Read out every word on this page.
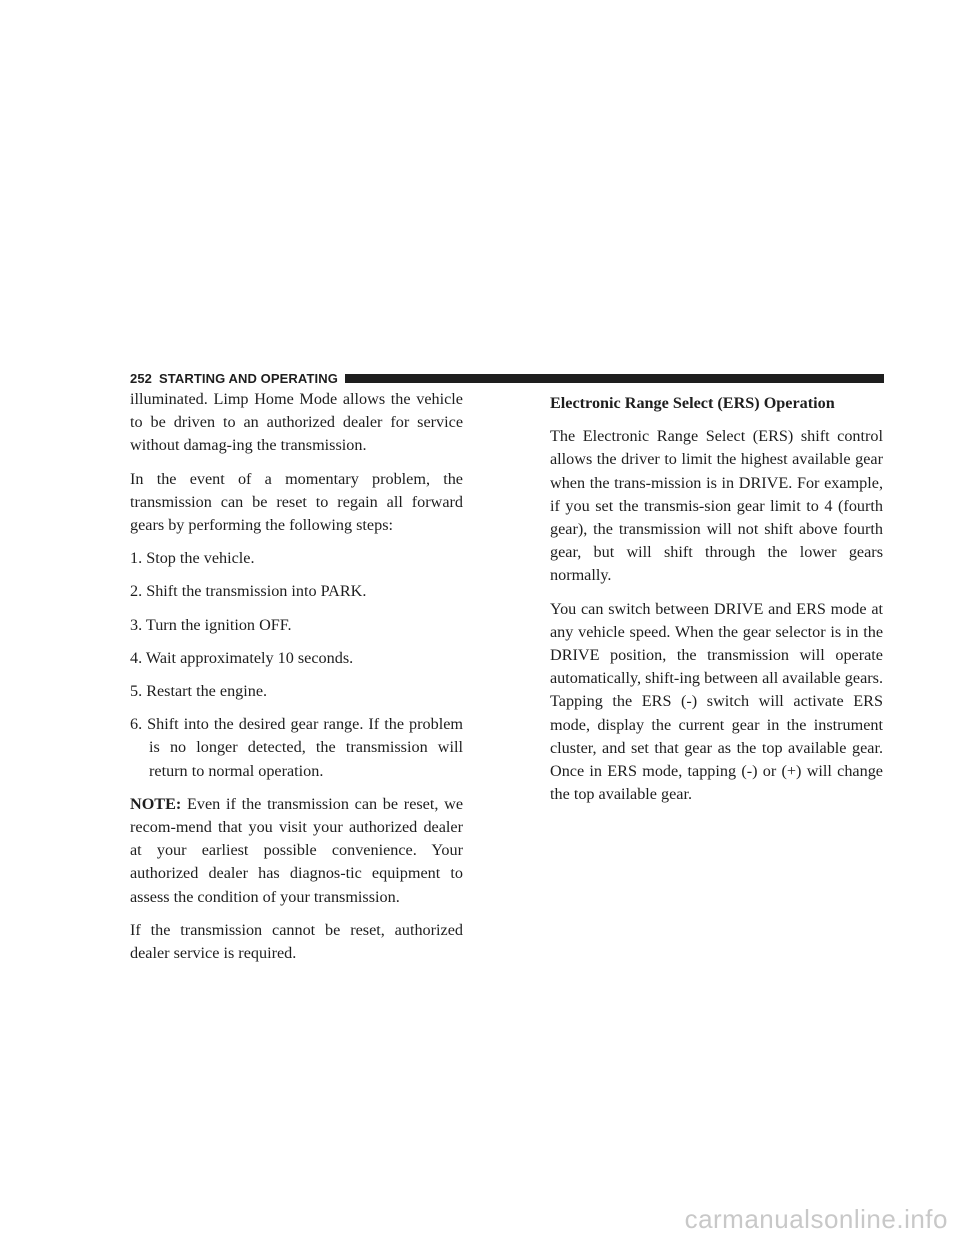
252 STARTING AND OPERATING

illuminated. Limp Home Mode allows the vehicle to be driven to an authorized dealer for service without damag-ing the transmission.

In the event of a momentary problem, the transmission can be reset to regain all forward gears by performing the following steps:

1. Stop the vehicle.

2. Shift the transmission into PARK.

3. Turn the ignition OFF.

4. Wait approximately 10 seconds.

5. Restart the engine.

6. Shift into the desired gear range. If the problem is no longer detected, the transmission will return to normal operation.

NOTE: Even if the transmission can be reset, we recom-mend that you visit your authorized dealer at your earliest possible convenience. Your authorized dealer has diagnos-tic equipment to assess the condition of your transmission.

If the transmission cannot be reset, authorized dealer service is required.

Electronic Range Select (ERS) Operation

The Electronic Range Select (ERS) shift control allows the driver to limit the highest available gear when the trans-mission is in DRIVE. For example, if you set the transmis-sion gear limit to 4 (fourth gear), the transmission will not shift above fourth gear, but will shift through the lower gears normally.

You can switch between DRIVE and ERS mode at any vehicle speed. When the gear selector is in the DRIVE position, the transmission will operate automatically, shift-ing between all available gears. Tapping the ERS (-) switch will activate ERS mode, display the current gear in the instrument cluster, and set that gear as the top available gear. Once in ERS mode, tapping (-) or (+) will change the top available gear.

carmanualsonline.info
